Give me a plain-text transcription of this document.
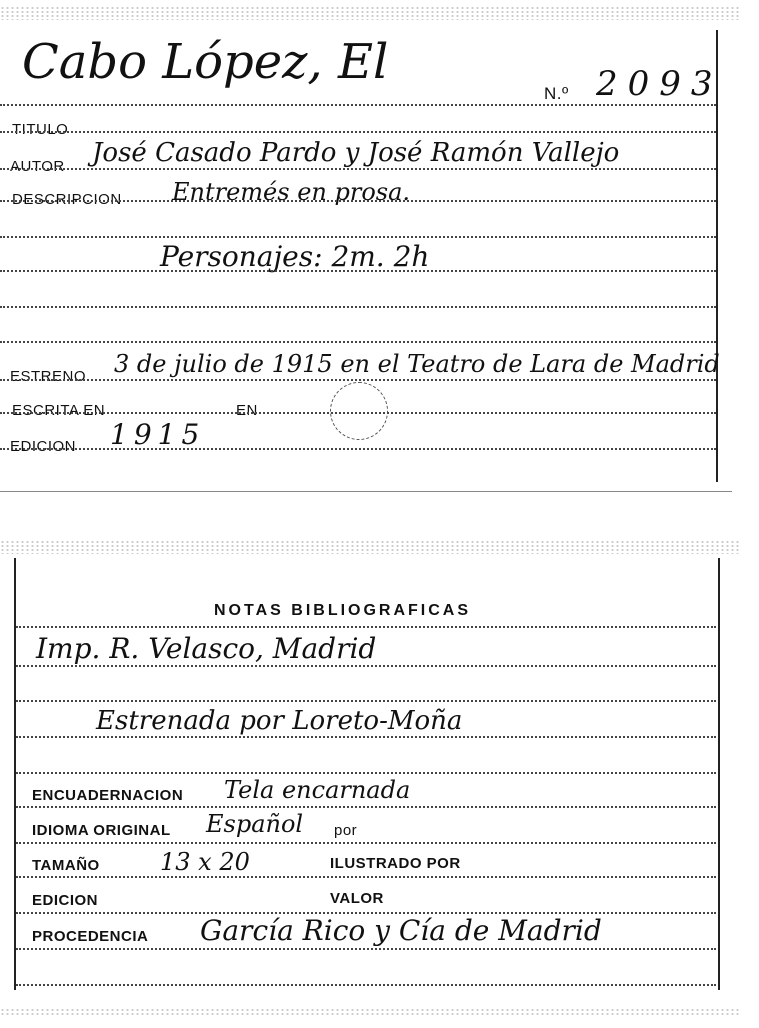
Cabo López, El
N.º 2093
TITULO
AUTOR José Casado Pardo y José Ramón Vallejo
DESCRIPCION Entremés en prosa.
Personajes: 2m. 2h
ESTRENO 3 de julio de 1915 en el Teatro de Lara de Madrid
ESCRITA EN	EN
EDICION 1915
NOTAS BIBLIOGRAFICAS
Imp. R. Velasco, Madrid
Estrenada por Loreto-Moña
ENCUADERNACION Tela encarnada
IDIOMA ORIGINAL Español por
TAMAÑO	13 x 20	ILUSTRADO POR
EDICION	VALOR
PROCEDENCIA García Rico y Cía de Madrid
